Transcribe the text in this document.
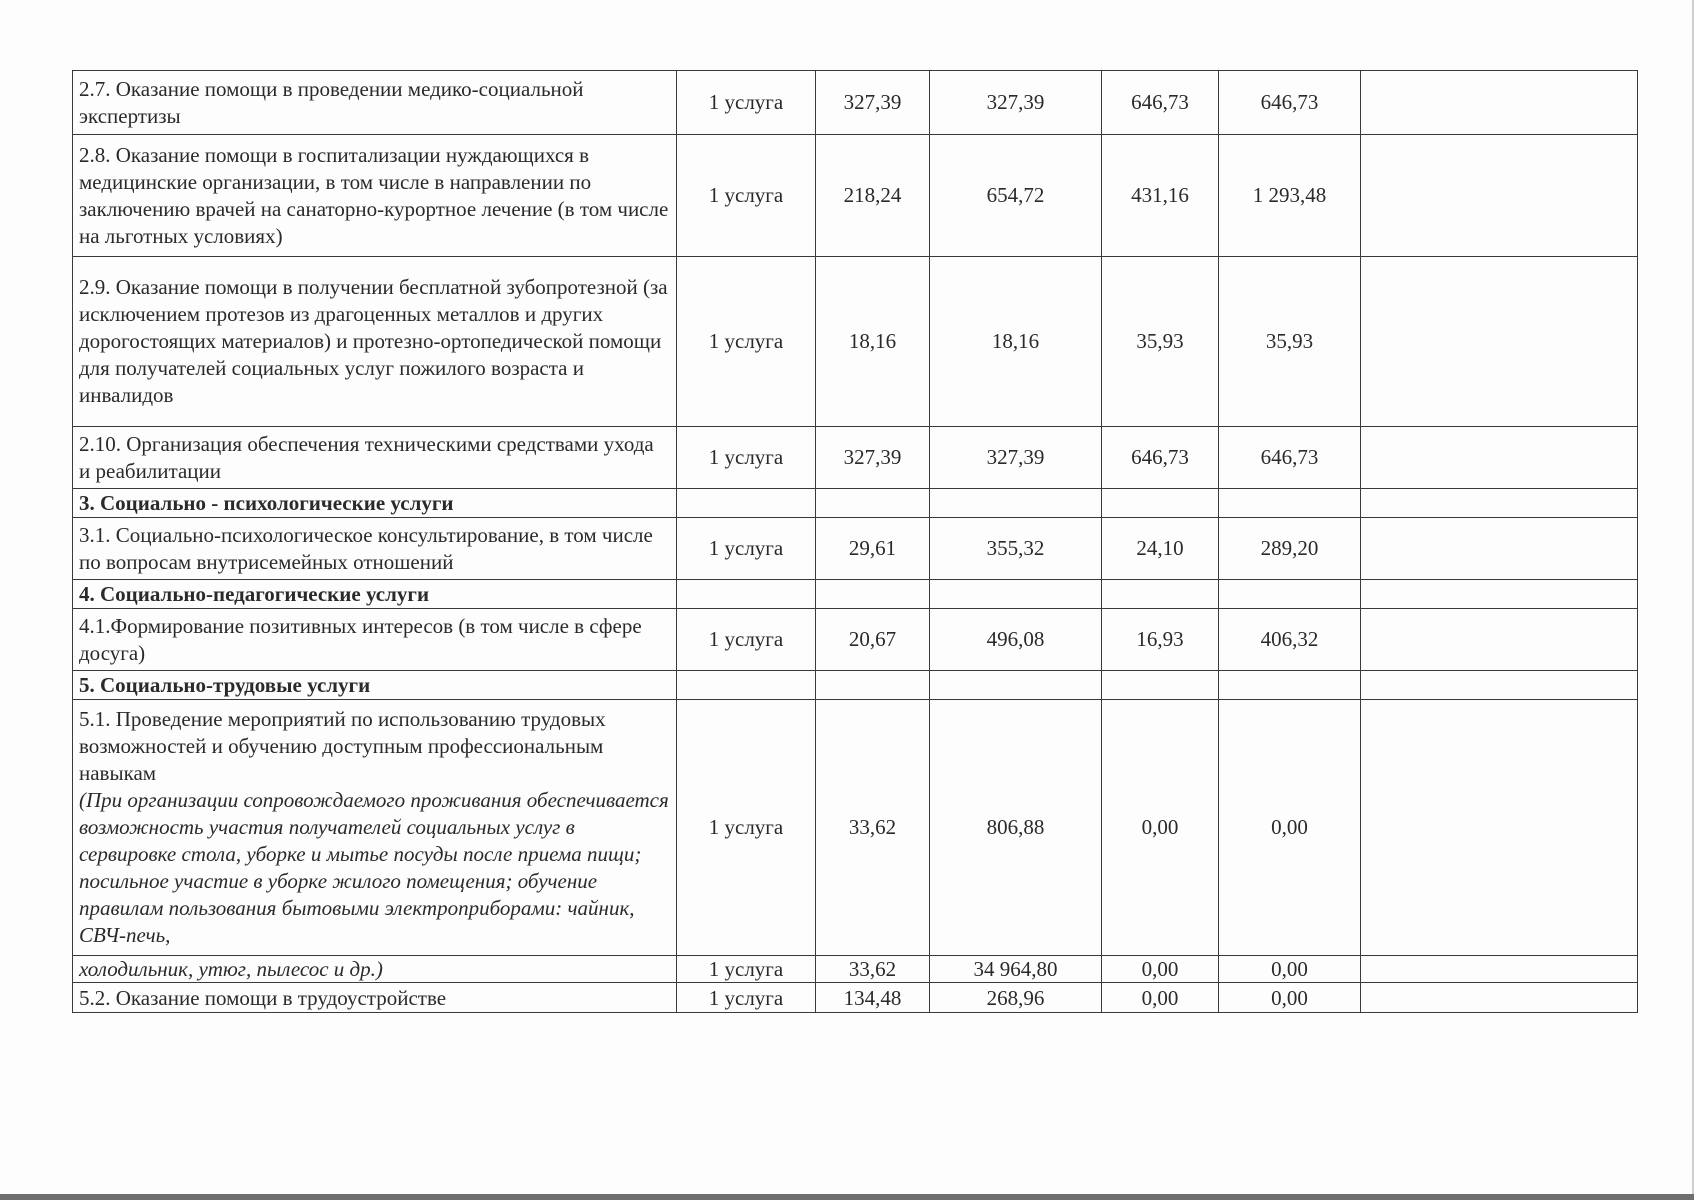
2.7. Оказание помощи в проведении медико-социальной экспертизы	1 услуга	327,39	327,39	646,73	646,73	
2.8. Оказание помощи в госпитализации нуждающихся в медицинские организации, в том числе в направлении по заключению врачей на санаторно-курортное лечение (в том числе на льготных условиях)	1 услуга	218,24	654,72	431,16	1 293,48	
2.9. Оказание помощи в получении бесплатной зубопротезной (за исключением протезов из драгоценных металлов и других дорогостоящих материалов) и протезно-ортопедической помощи для получателей социальных услуг пожилого возраста и инвалидов	1 услуга	18,16	18,16	35,93	35,93	
2.10. Организация обеспечения техническими средствами ухода и реабилитации	1 услуга	327,39	327,39	646,73	646,73	
3. Социально - психологические услуги						
3.1. Социально-психологическое консультирование, в том числе по вопросам внутрисемейных отношений	1 услуга	29,61	355,32	24,10	289,20	
4. Социально-педагогические услуги						
4.1.Формирование позитивных интересов (в том числе в сфере досуга)	1 услуга	20,67	496,08	16,93	406,32	
5. Социально-трудовые услуги						

5.1. Проведение мероприятий по использованию трудовых возможностей и обучению доступным профессиональным навыкам
(При организации сопровождаемого проживания обеспечивается возможность участия получателей социальных услуг в сервировке стола, уборке и мытье посуды после приема пищи; посильное участие в уборке жилого помещения; обучение правилам пользования бытовыми электроприборами: чайник, СВЧ-печь,	1 услуга	33,62	806,88	0,00	0,00	

холодильник, утюг, пылесос и др.)	1 услуга	33,62	34 964,80	0,00	0,00	
5.2. Оказание помощи в трудоустройстве	1 услуга	134,48	268,96	0,00	0,00	
